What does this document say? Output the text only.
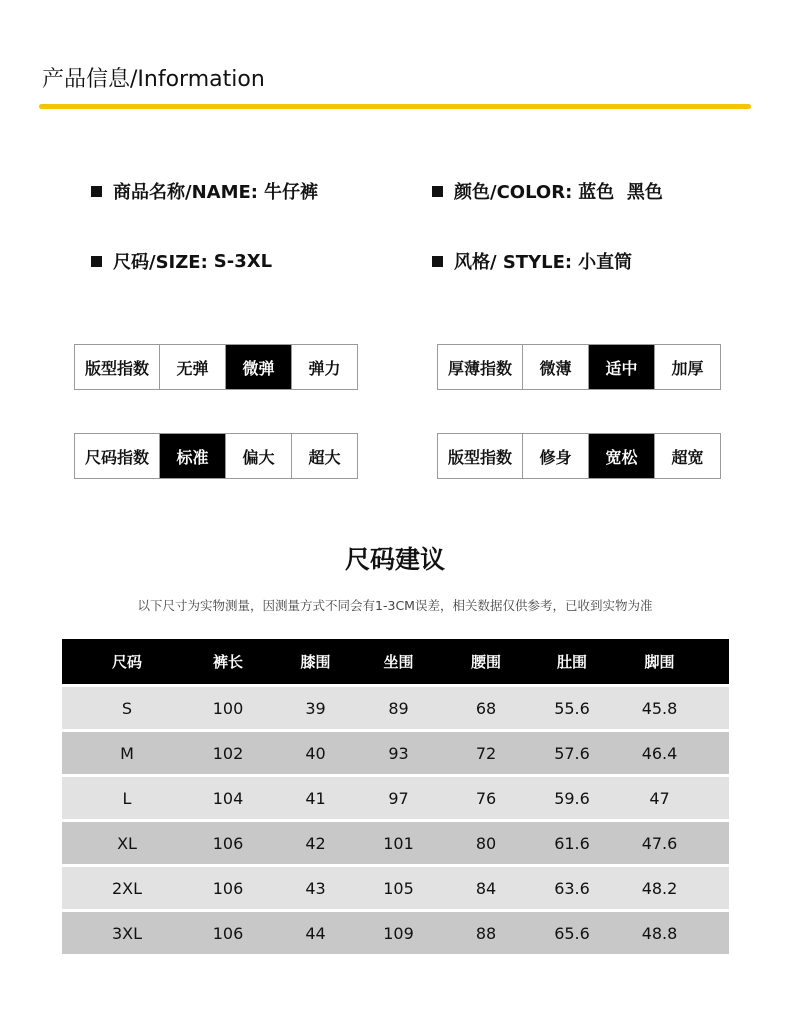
产品信息/Information
商品名称/NAME: 牛仔裤	颜色/COLOR: 蓝色  黑色
尺码/SIZE: S-3XL	风格/ STYLE: 小直筒
版型指数	无弹	微弹	弹力	厚薄指数	微薄	适中	加厚
尺码指数	标准	偏大	超大	版型指数	修身	宽松	超宽
尺码建议
以下尺寸为实物测量，因测量方式不同会有1-3CM误差，相关数据仅供参考，已收到实物为准
尺码	裤长	膝围	坐围	腰围	肚围	脚围
S	100	39	89	68	55.6	45.8
M	102	40	93	72	57.6	46.4
L	104	41	97	76	59.6	47
XL	106	42	101	80	61.6	47.6
2XL	106	43	105	84	63.6	48.2
3XL	106	44	109	88	65.6	48.8
